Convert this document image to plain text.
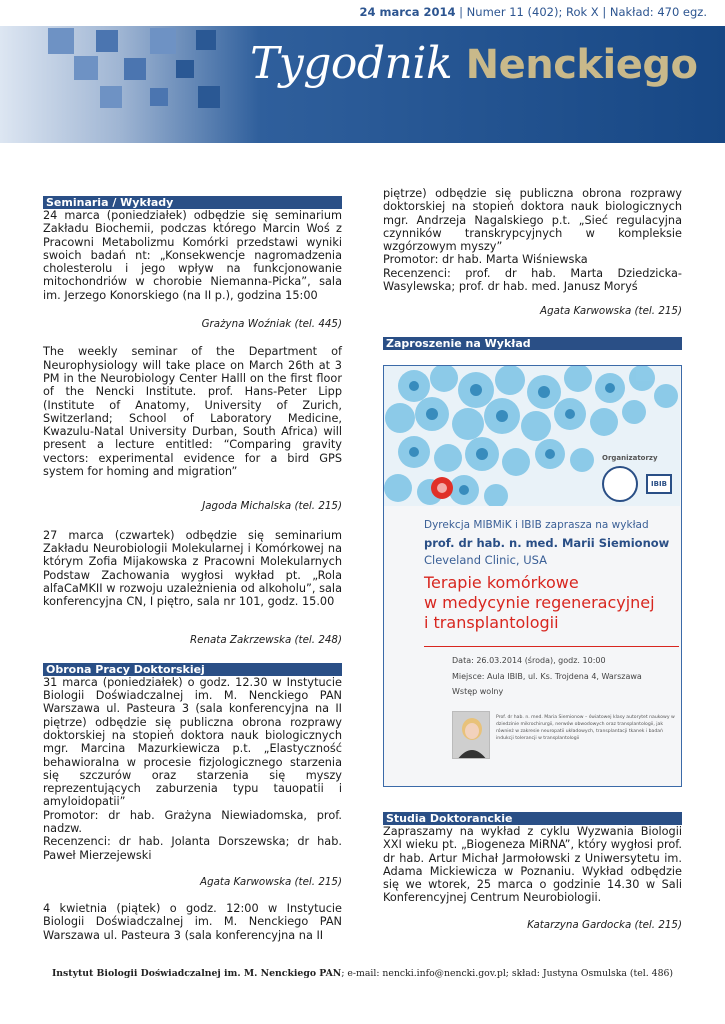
24 marca 2014 | Numer 11 (402); Rok X | Nakład: 470 egz.
Tygodnik Nenckiego
Seminaria / Wykłady

24 marca (poniedziałek) odbędzie się seminarium Zakładu Biochemii, podczas którego Marcin Woś z Pracowni Metabolizmu Komórki przedstawi wyniki swoich badań nt: „Konsekwencje nagromadzenia cholesterolu i jego wpływ na funkcjonowanie mitochondriów w chorobie Niemanna-Picka”, sala im. Jerzego Konorskiego (na II p.), godzina 15:00

Grażyna Woźniak (tel. 445)

The weekly seminar of the Department of Neurophysiology will take place on March 26th at 3 PM in the Neurobiology Center Halll on the first floor of the Nencki Institute. prof. Hans-Peter Lipp (Institute of Anatomy, University of Zurich, Switzerland; School of Laboratory Medicine, Kwazulu-Natal University Durban, South Africa) will present a lecture entitled: “Comparing gravity vectors: experimental evidence for a bird GPS system for homing and migration”

Jagoda Michalska (tel. 215)

27 marca (czwartek) odbędzie się seminarium Zakładu Neurobiologii Molekularnej i Komórkowej na którym Zofia Mijakowska z Pracowni Molekularnych Podstaw Zachowania wygłosi wykład pt. „Rola alfaCaMKII w rozwoju uzależnienia od alkoholu”, sala konferencyjna CN, I piętro, sala nr 101, godz. 15.00

Renata Zakrzewska (tel. 248)

Obrona Pracy Doktorskiej

31 marca (poniedziałek) o godz. 12.30 w Instytucie Biologii Doświadczalnej im. M. Nenckiego PAN Warszawa ul. Pasteura 3 (sala konferencyjna na II piętrze) odbędzie się publiczna obrona rozprawy doktorskiej na stopień doktora nauk biologicznych mgr. Marcina Mazurkiewicza p.t. „Elastyczność behawioralna w procesie fizjologicznego starzenia się szczurów oraz starzenia się myszy reprezentujących zaburzenia typu tauopatii i amyloidopatii”

Promotor: dr hab. Grażyna Niewiadomska, prof. nadzw.

Recenzenci: dr hab. Jolanta Dorszewska; dr hab. Paweł Mierzejewski

Agata Karwowska (tel. 215)

4 kwietnia (piątek) o godz. 12:00 w Instytucie Biologii Doświadczalnej im. M. Nenckiego PAN Warszawa ul. Pasteura 3 (sala konferencyjna na II

piętrze) odbędzie się publiczna obrona rozprawy doktorskiej na stopień doktora nauk biologicznych mgr. Andrzeja Nagalskiego p.t. „Sieć regulacyjna czynników transkrypcyjnych w kompleksie wzgórzowym myszy”

Promotor: dr hab. Marta Wiśniewska

Recenzenci: prof. dr hab. Marta Dziedzicka-Wasylewska; prof. dr hab. med. Janusz Moryś

Agata Karwowska (tel. 215)

Zaproszenie na Wykład
Organizatorzy
IBIB
Dyrekcja MIBMiK i IBIB zaprasza na wykład
prof. dr hab. n. med. Marii Siemionow
Cleveland Clinic, USA
Terapie komórkowe
w medycynie regeneracyjnej
i transplantologii
Data: 26.03.2014 (środa), godz. 10:00
Miejsce: Aula IBIB, ul. Ks. Trojdena 4, Warszawa
Wstęp wolny
Prof. dr hab. n. med. Maria Siemionow – światowej klasy autorytet naukowy w dziedzinie mikrochirurgii, nerwów obwodowych oraz transplantologii, jak również w zakresie neuropatii układowych, transplantacji tkanek i badań indukcji tolerancji w transplantologii
Studia Doktoranckie

Zapraszamy na wykład z cyklu Wyzwania Biologii XXI wieku pt. „Biogeneza MiRNA”, który wygłosi prof. dr hab. Artur Michał Jarmołowski z Uniwersytetu im. Adama Mickiewicza w Poznaniu. Wykład odbędzie się we wtorek, 25 marca o godzinie 14.30 w Sali Konferencyjnej Centrum Neurobiologii.

Katarzyna Gardocka (tel. 215)

Instytut Biologii Doświadczalnej im. M. Nenckiego PAN; e-mail: nencki.info@nencki.gov.pl; skład: Justyna Osmulska (tel. 486)
